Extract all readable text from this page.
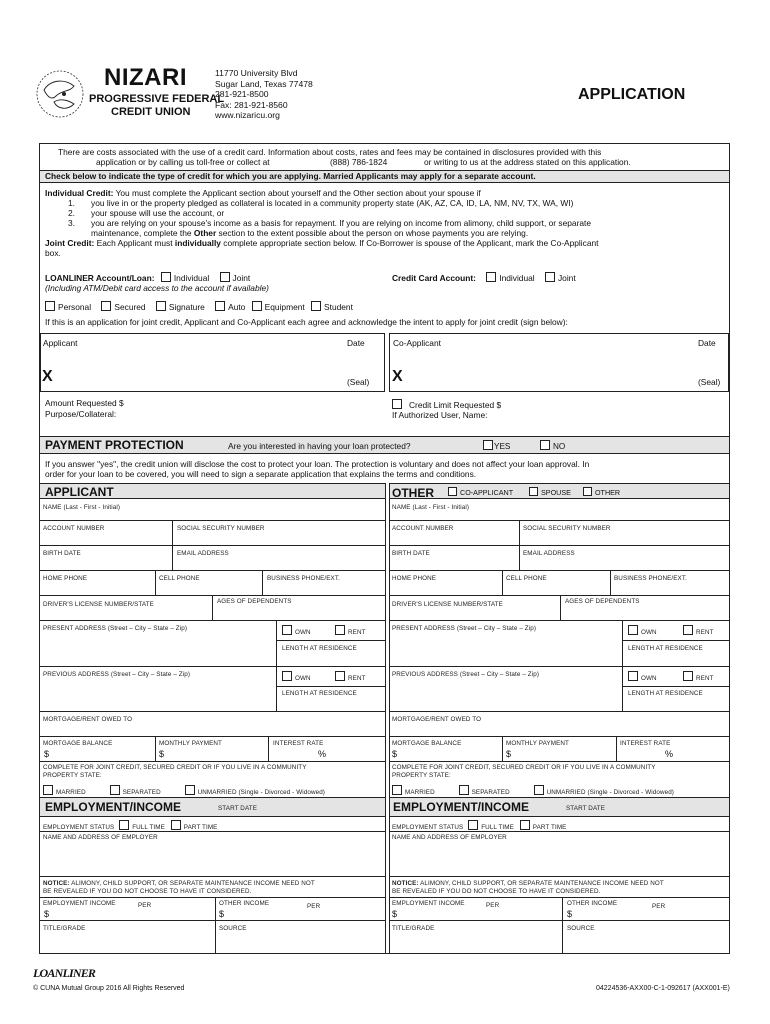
NIZARI
PROGRESSIVE FEDERAL
CREDIT UNION
11770 University Blvd
Sugar Land, Texas 77478
281-921-8500
Fax: 281-921-8560
www.nizaricu.org
APPLICATION
There are costs associated with the use of a credit card. Information about costs, rates and fees may be contained in disclosures provided with this
application or by calling us toll-free or collect at	(888) 786-1824	or writing to us at the address stated on this application.
Check below to indicate the type of credit for which you are applying. Married Applicants may apply for a separate account.
Individual Credit: You must complete the Applicant section about yourself and the Other section about your spouse if
1. you live in or the property pledged as collateral is located in a community property state (AK, AZ, CA, ID, LA, NM, NV, TX, WA, WI)
2. your spouse will use the account, or
3. you are relying on your spouse's income as a basis for repayment. If you are relying on income from alimony, child support, or separate
maintenance, complete the Other section to the extent possible about the person on whose payments you are relying.
Joint Credit: Each Applicant must individually complete appropriate section below. If Co-Borrower is spouse of the Applicant, mark the Co-Applicant
box.
LOANLINER Account/Loan: Individual	Joint
(Including ATM/Debit card access to the account if available)
Credit Card Account:	Individual	Joint
Personal	Secured	Signature	Auto Equipment Student
If this is an application for joint credit, Applicant and Co-Applicant each agree and acknowledge the intent to apply for joint credit (sign below):
Applicant	Date
X	(Seal)
Co-Applicant	Date
X	(Seal)
Amount Requested $
Purpose/Collateral:
Credit Limit Requested $
If Authorized User, Name:
PAYMENT PROTECTION	Are you interested in having your loan protected?	YES	NO
If you answer "yes", the credit union will disclose the cost to protect your loan. The protection is voluntary and does not affect your loan approval. In
order for your loan to be covered, you will need to sign a separate application that explains the terms and conditions.
APPLICANT	OTHER	CO-APPLICANT	SPOUSE	OTHER
NAME (Last - First - Initial)
ACCOUNT NUMBER	SOCIAL SECURITY NUMBER
BIRTH DATE	EMAIL ADDRESS
HOME PHONE	CELL PHONE	BUSINESS PHONE/EXT.
DRIVER'S LICENSE NUMBER/STATE	AGES OF DEPENDENTS
PRESENT ADDRESS (Street – City – State – Zip)
OWN	RENT
LENGTH AT RESIDENCE
PREVIOUS ADDRESS (Street – City – State – Zip)
OWN	RENT
LENGTH AT RESIDENCE
MORTGAGE/RENT OWED TO
MORTGAGE BALANCE
$
MONTHLY PAYMENT
$
INTEREST RATE
%
COMPLETE FOR JOINT CREDIT, SECURED CREDIT OR IF YOU LIVE IN A COMMUNITY
PROPERTY STATE:
MARRIED	SEPARATED	UNMARRIED (Single - Divorced - Widowed)
EMPLOYMENT/INCOME	START DATE
EMPLOYMENT STATUS	FULL TIME	PART TIME
NAME AND ADDRESS OF EMPLOYER
NOTICE: ALIMONY, CHILD SUPPORT, OR SEPARATE MAINTENANCE INCOME NEED NOT
BE REVEALED IF YOU DO NOT CHOOSE TO HAVE IT CONSIDERED.
EMPLOYMENT INCOME	PER
$
OTHER INCOME	PER
$
TITLE/GRADE	SOURCE
NAME (Last - First - Initial)
ACCOUNT NUMBER	SOCIAL SECURITY NUMBER
BIRTH DATE	EMAIL ADDRESS
HOME PHONE	CELL PHONE	BUSINESS PHONE/EXT.
DRIVER'S LICENSE NUMBER/STATE	AGES OF DEPENDENTS
PRESENT ADDRESS (Street – City – State – Zip)
OWN	RENT
LENGTH AT RESIDENCE
PREVIOUS ADDRESS (Street – City – State – Zip)
OWN	RENT
LENGTH AT RESIDENCE
MORTGAGE/RENT OWED TO
MORTGAGE BALANCE
$
MONTHLY PAYMENT
$
INTEREST RATE
%
COMPLETE FOR JOINT CREDIT, SECURED CREDIT OR IF YOU LIVE IN A COMMUNITY
PROPERTY STATE:
MARRIED	SEPARATED	UNMARRIED (Single - Divorced - Widowed)
EMPLOYMENT/INCOME	START DATE
EMPLOYMENT STATUS	FULL TIME	PART TIME
NAME AND ADDRESS OF EMPLOYER
NOTICE: ALIMONY, CHILD SUPPORT, OR SEPARATE MAINTENANCE INCOME NEED NOT
BE REVEALED IF YOU DO NOT CHOOSE TO HAVE IT CONSIDERED.
EMPLOYMENT INCOME	PER
$
OTHER INCOME	PER
$
TITLE/GRADE	SOURCE
LOANLINER
© CUNA Mutual Group 2016 All Rights Reserved	04224536-AXX00-C-1-092617 (AXX001-E)
